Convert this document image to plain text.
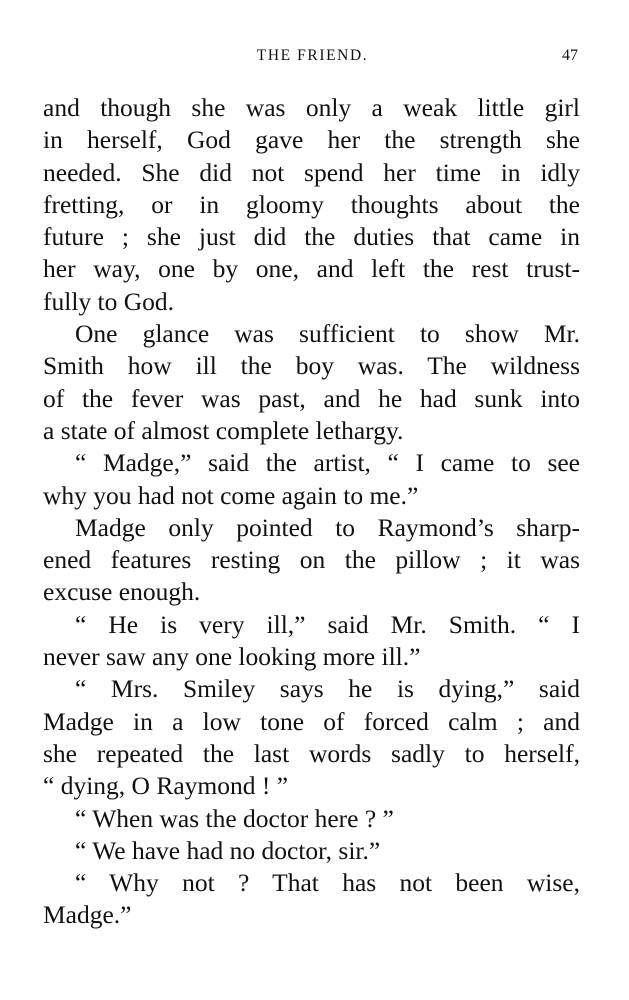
THE FRIEND.	47
and though she was only a weak little girl
in herself, God gave her the strength she
needed. She did not spend her time in idly
fretting, or in gloomy thoughts about the
future ; she just did the duties that came in
her way, one by one, and left the rest trust-
fully to God.
One glance was sufficient to show Mr.
Smith how ill the boy was. The wildness
of the fever was past, and he had sunk into
a state of almost complete lethargy.
“ Madge,” said the artist, “ I came to see
why you had not come again to me.”
Madge only pointed to Raymond’s sharp-
ened features resting on the pillow ; it was
excuse enough.
“ He is very ill,” said Mr. Smith. “ I
never saw any one looking more ill.”
“ Mrs. Smiley says he is dying,” said
Madge in a low tone of forced calm ; and
she repeated the last words sadly to herself,
“ dying, O Raymond ! ”
“ When was the doctor here ? ”
“ We have had no doctor, sir.”
“ Why not ? That has not been wise,
Madge.”
